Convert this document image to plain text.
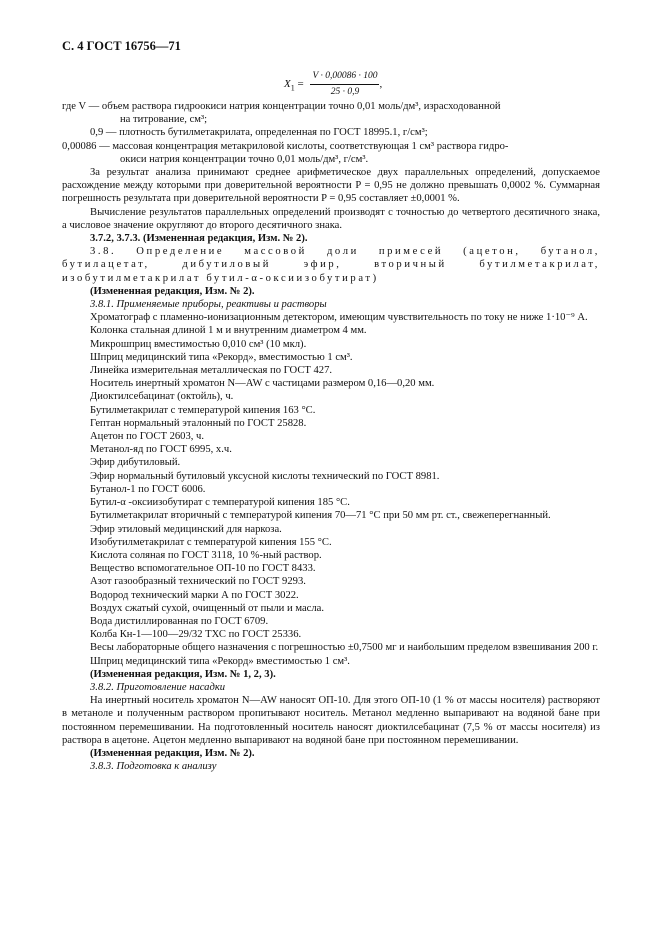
С. 4 ГОСТ 16756—71
$X_1 = \frac{V \cdot 0,00086 \cdot 100}{25 \cdot 0,9}$ ,

где V — объем раствора гидроокиси натрия концентрации точно 0,01 моль/дм³, израсходованной

на титрование, см³;

0,9 — плотность бутилметакрилата, определенная по ГОСТ 18995.1, г/см³;

0,00086 — массовая концентрация метакриловой кислоты, соответствующая 1 см³ раствора гидро-

окиси натрия концентрации точно 0,01 моль/дм³, г/см³.

За результат анализа принимают среднее арифметическое двух параллельных определений, допускаемое расхождение между которыми при доверительной вероятности P = 0,95 не должно превышать 0,0002 %. Суммарная погрешность результата при доверительной вероятности P = 0,95 составляет ±0,0001 %.

Вычисление результатов параллельных определений производят с точностью до четвертого десятичного знака, а числовое значение округляют до второго десятичного знака.

3.7.2, 3.7.3. (Измененная редакция, Изм. № 2).

3.8. Определение массовой доли примесей (ацетон, бутанол, бутилацетат, дибутиловый эфир, вторичный бутилметакрилат, изобутилметакрилат бутил-α-оксиизобутират)

(Измененная редакция, Изм. № 2).

3.8.1. Применяемые приборы, реактивы и растворы

Хроматограф с пламенно-ионизационным детектором, имеющим чувствительность по току не ниже 1·10⁻⁹ А.

Колонка стальная длиной 1 м и внутренним диаметром 4 мм.

Микрошприц вместимостью 0,010 см³ (10 мкл).

Шприц медицинский типа «Рекорд», вместимостью 1 см³.

Линейка измерительная металлическая по ГОСТ 427.

Носитель инертный хроматон N—AW с частицами размером 0,16—0,20 мм.

Диоктилсебацинат (октойль), ч.

Бутилметакрилат с температурой кипения 163 °С.

Гептан нормальный эталонный по ГОСТ 25828.

Ацетон по ГОСТ 2603, ч.

Метанол-яд по ГОСТ 6995, х.ч.

Эфир дибутиловый.

Эфир нормальный бутиловый уксусной кислоты технический по ГОСТ 8981.

Бутанол-1 по ГОСТ 6006.

Бутил-α -оксиизобутират с температурой кипения 185 °С.

Бутилметакрилат вторичный с температурой кипения 70—71 °С при 50 мм рт. ст., свежеперегнанный.

Эфир этиловый медицинский для наркоза.

Изобутилметакрилат с температурой кипения 155 °С.

Кислота соляная по ГОСТ 3118, 10 %-ный раствор.

Вещество вспомогательное ОП-10 по ГОСТ 8433.

Азот газообразный технический по ГОСТ 9293.

Водород технический марки А по ГОСТ 3022.

Воздух сжатый сухой, очищенный от пыли и масла.

Вода дистиллированная по ГОСТ 6709.

Колба Кн-1—100—29/32 ТХС по ГОСТ 25336.

Весы лабораторные общего назначения с погрешностью ±0,7500 мг и наибольшим пределом взвешивания 200 г.

Шприц медицинский типа «Рекорд» вместимостью 1 см³.

(Измененная редакция, Изм. № 1, 2, 3).

3.8.2. Приготовление насадки

На инертный носитель хроматон N—AW наносят ОП-10. Для этого ОП-10 (1 % от массы носителя) растворяют в метаноле и полученным раствором пропитывают носитель. Метанол медленно выпаривают на водяной бане при постоянном перемешивании. На подготовленный носитель наносят диоктилсебацинат (7,5 % от массы носителя) из раствора в ацетоне. Ацетон медленно выпаривают на водяной бане при постоянном перемешивании.

(Измененная редакция, Изм. № 2).

3.8.3. Подготовка к анализу
